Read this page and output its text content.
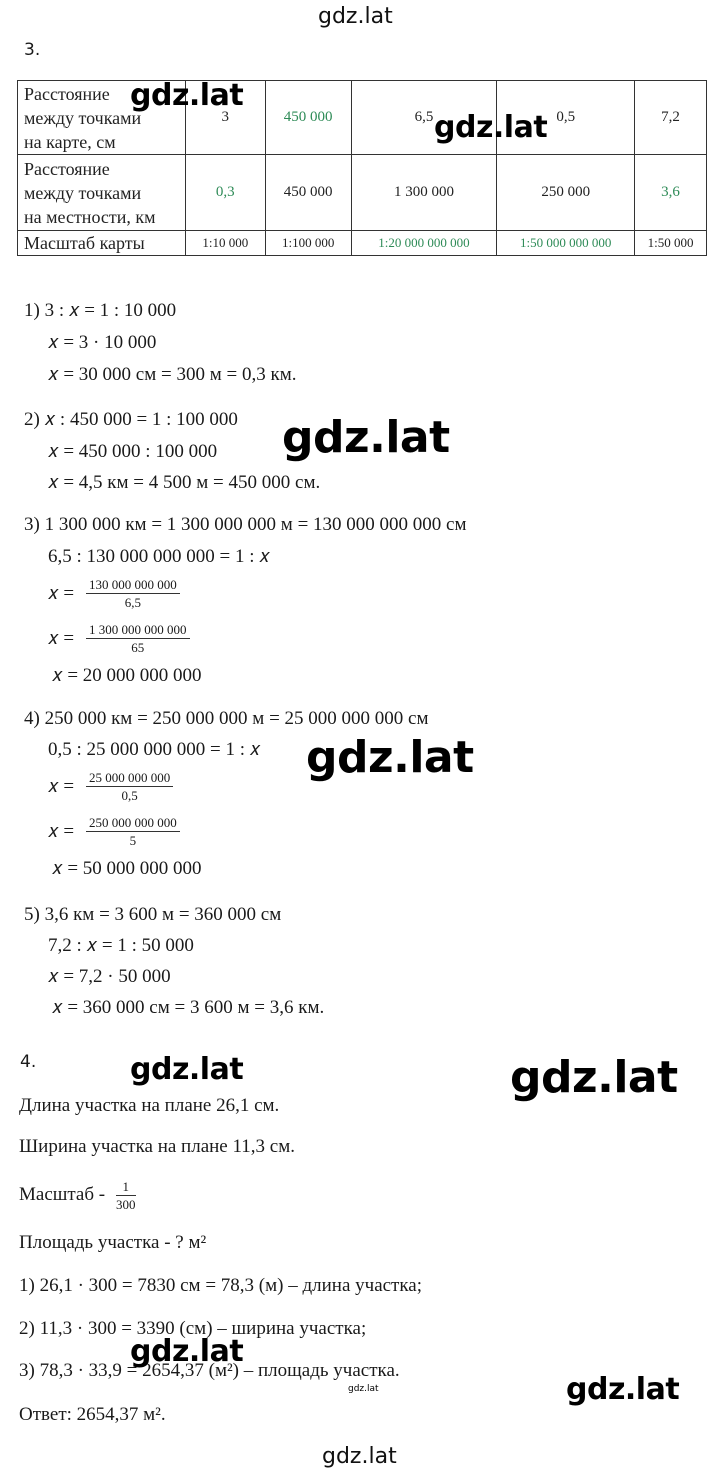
gdz.lat
3.
Расстояние
между точками
на карте, см	3	450 000	6,5	0,5	7,2
Расстояние
между точками
на местности, км	0,3	450 000	1 300 000	250 000	3,6
Масштаб карты	1:10 000	1:100 000	1:20 000 000 000	1:50 000 000 000	1:50 000
1) 3 : 𝑥 = 1 : 10 000
𝑥 = 3 · 10 000
𝑥 = 30 000 см = 300 м = 0,3 км.
2) 𝑥 : 450 000 = 1 : 100 000
𝑥 = 450 000 : 100 000
𝑥 = 4,5 км = 4 500 м = 450 000 см.
3) 1 300 000 км = 1 300 000 000 м = 130 000 000 000 см
6,5 : 130 000 000 000 = 1 : 𝑥
𝑥 = $\frac{130 000 000 000}{6,5}$
𝑥 = $\frac{1 300 000 000 000}{65}$
𝑥 = 20 000 000 000
4) 250 000 км = 250 000 000 м = 25 000 000 000 см
0,5 : 25 000 000 000 = 1 : 𝑥
𝑥 = $\frac{25 000 000 000}{0,5}$
𝑥 = $\frac{250 000 000 000}{5}$
𝑥 = 50 000 000 000
5) 3,6 км = 3 600 м = 360 000 см
7,2 : 𝑥 = 1 : 50 000
𝑥 = 7,2 · 50 000
𝑥 = 360 000 см = 3 600 м = 3,6 км.
4.
Длина участка на плане 26,1 см.
Ширина участка на плане 11,3 см.
Масштаб - $\frac{1}{300}$
Площадь участка - ? м²
1) 26,1 · 300 = 7830 см = 78,3 (м) – длина участка;
2) 11,3 · 300 = 3390 (см) – ширина участка;
3) 78,3 · 33,9 = 2654,37 (м²) – площадь участка.
Ответ: 2654,37 м².
gdz.lat
gdz.lat
gdz.lat
gdz.lat
gdz.lat	gdz.lat
gdz.lat
gdz.lat
gdz.lat
gdz.lat
